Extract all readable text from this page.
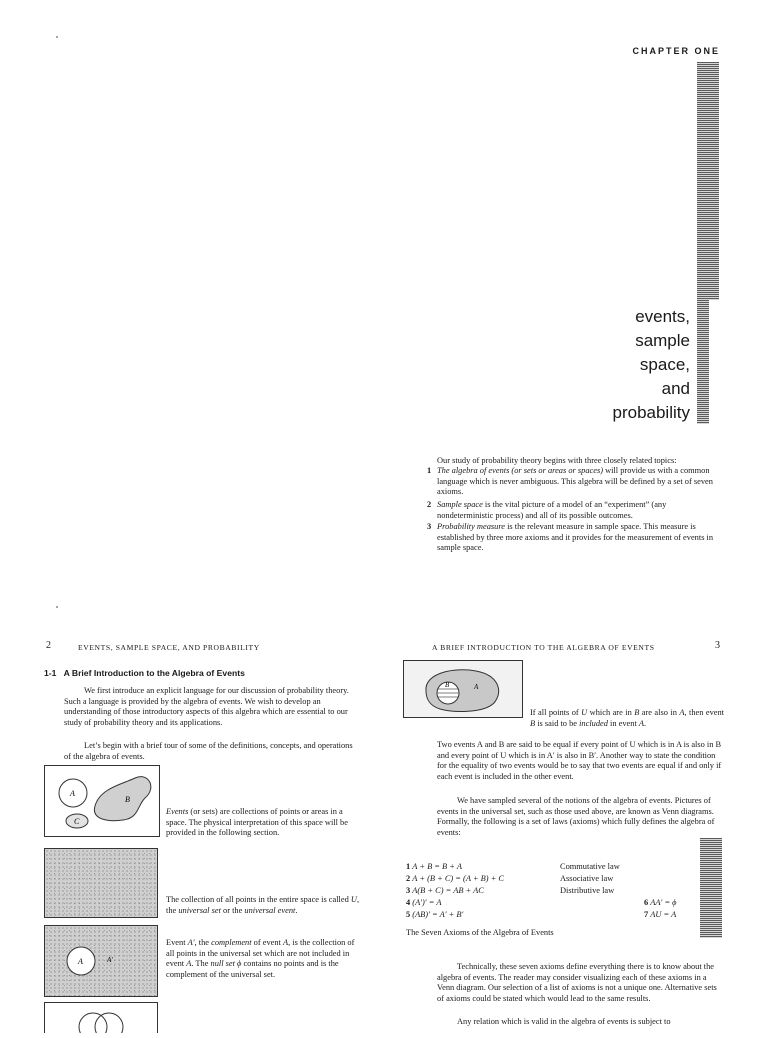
CHAPTER ONE
events,
sample
space,
and
probability
Our study of probability theory begins with three closely related topics:
1 The algebra of events (or sets or areas or spaces) will provide us with a common language which is never ambiguous. This algebra will be defined by a set of seven axioms.
2 Sample space is the vital picture of a model of an “experiment” (any nondeterministic process) and all of its possible outcomes.
3 Probability measure is the relevant measure in sample space. This measure is established by three more axioms and it provides for the measurement of events in sample space.
2	EVENTS, SAMPLE SPACE, AND PROBABILITY
1-1 A Brief Introduction to the Algebra of Events
We first introduce an explicit language for our discussion of probability theory. Such a language is provided by the algebra of events. We wish to develop an understanding of those introductory aspects of this algebra which are essential to our study of probability theory and its applications.
Let’s begin with a brief tour of some of the definitions, concepts, and operations of the algebra of events.
A
B
C
Events (or sets) are collections of points or areas in a space. The physical interpretation of this space will be provided in the following section.
The collection of all points in the entire space is called U, the universal set or the universal event.
A	A′
Event A′, the complement of event A, is the collection of all points in the universal set which are not included in event A. The null set ϕ contains no points and is the complement of the universal set.
A BRIEF INTRODUCTION TO THE ALGEBRA OF EVENTS	3
B	A
If all points of U which are in B are also in A, then event B is said to be included in event A.
Two events A and B are said to be equal if every point of U which is in A is also in B and every point of U which is in A′ is also in B′. Another way to state the condition for the equality of two events would be to say that two events are equal if and only if each event is included in the other event.
We have sampled several of the notions of the algebra of events. Pictures of events in the universal set, such as those used above, are known as Venn diagrams. Formally, the following is a set of laws (axioms) which fully defines the algebra of events:
1 A + B = B + A	Commutative law
2 A + (B + C) = (A + B) + C	Associative law
3 A(B + C) = AB + AC	Distributive law
4 (A′)′ = A
5 (AB)′ = A′ + B′
6 AA′ = ϕ
7 AU = A
The Seven Axioms of the Algebra of Events
Technically, these seven axioms define everything there is to know about the algebra of events. The reader may consider visualizing each of these axioms in a Venn diagram. Our selection of a list of axioms is not a unique one. Alternative sets of axioms could be stated which would lead to the same results.
Any relation which is valid in the algebra of events is subject to
